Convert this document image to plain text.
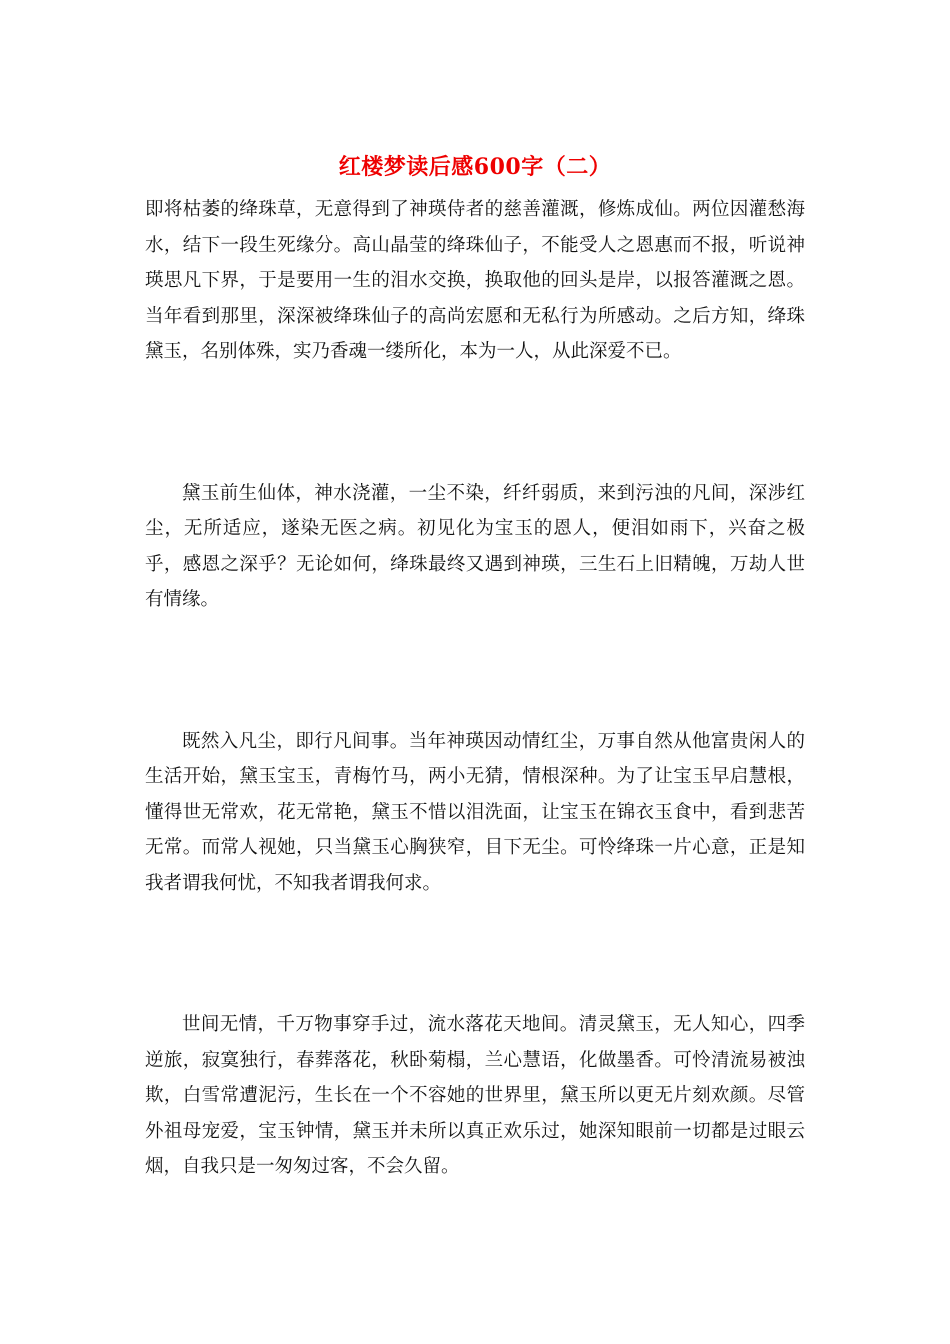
红楼梦读后感600字（二）

即将枯萎的绛珠草，无意得到了神瑛侍者的慈善灌溉，修炼成仙。两位因灌愁海水，结下一段生死缘分。高山晶莹的绛珠仙子，不能受人之恩惠而不报，听说神瑛思凡下界，于是要用一生的泪水交换，换取他的回头是岸，以报答灌溉之恩。当年看到那里，深深被绛珠仙子的高尚宏愿和无私行为所感动。之后方知，绛珠黛玉，名别体殊，实乃香魂一缕所化，本为一人，从此深爱不已。

黛玉前生仙体，神水浇灌，一尘不染，纤纤弱质，来到污浊的凡间，深涉红尘，无所适应，遂染无医之病。初见化为宝玉的恩人，便泪如雨下，兴奋之极乎，感恩之深乎？无论如何，绛珠最终又遇到神瑛，三生石上旧精魄，万劫人世有情缘。

既然入凡尘，即行凡间事。当年神瑛因动情红尘，万事自然从他富贵闲人的生活开始，黛玉宝玉，青梅竹马，两小无猜，情根深种。为了让宝玉早启慧根，懂得世无常欢，花无常艳，黛玉不惜以泪洗面，让宝玉在锦衣玉食中，看到悲苦无常。而常人视她，只当黛玉心胸狭窄，目下无尘。可怜绛珠一片心意，正是知我者谓我何忧，不知我者谓我何求。

世间无情，千万物事穿手过，流水落花天地间。清灵黛玉，无人知心，四季逆旅，寂寞独行，春葬落花，秋卧菊榻，兰心慧语，化做墨香。可怜清流易被浊欺，白雪常遭泥污，生长在一个不容她的世界里，黛玉所以更无片刻欢颜。尽管外祖母宠爱，宝玉钟情，黛玉并未所以真正欢乐过，她深知眼前一切都是过眼云烟，自我只是一匆匆过客，不会久留。
